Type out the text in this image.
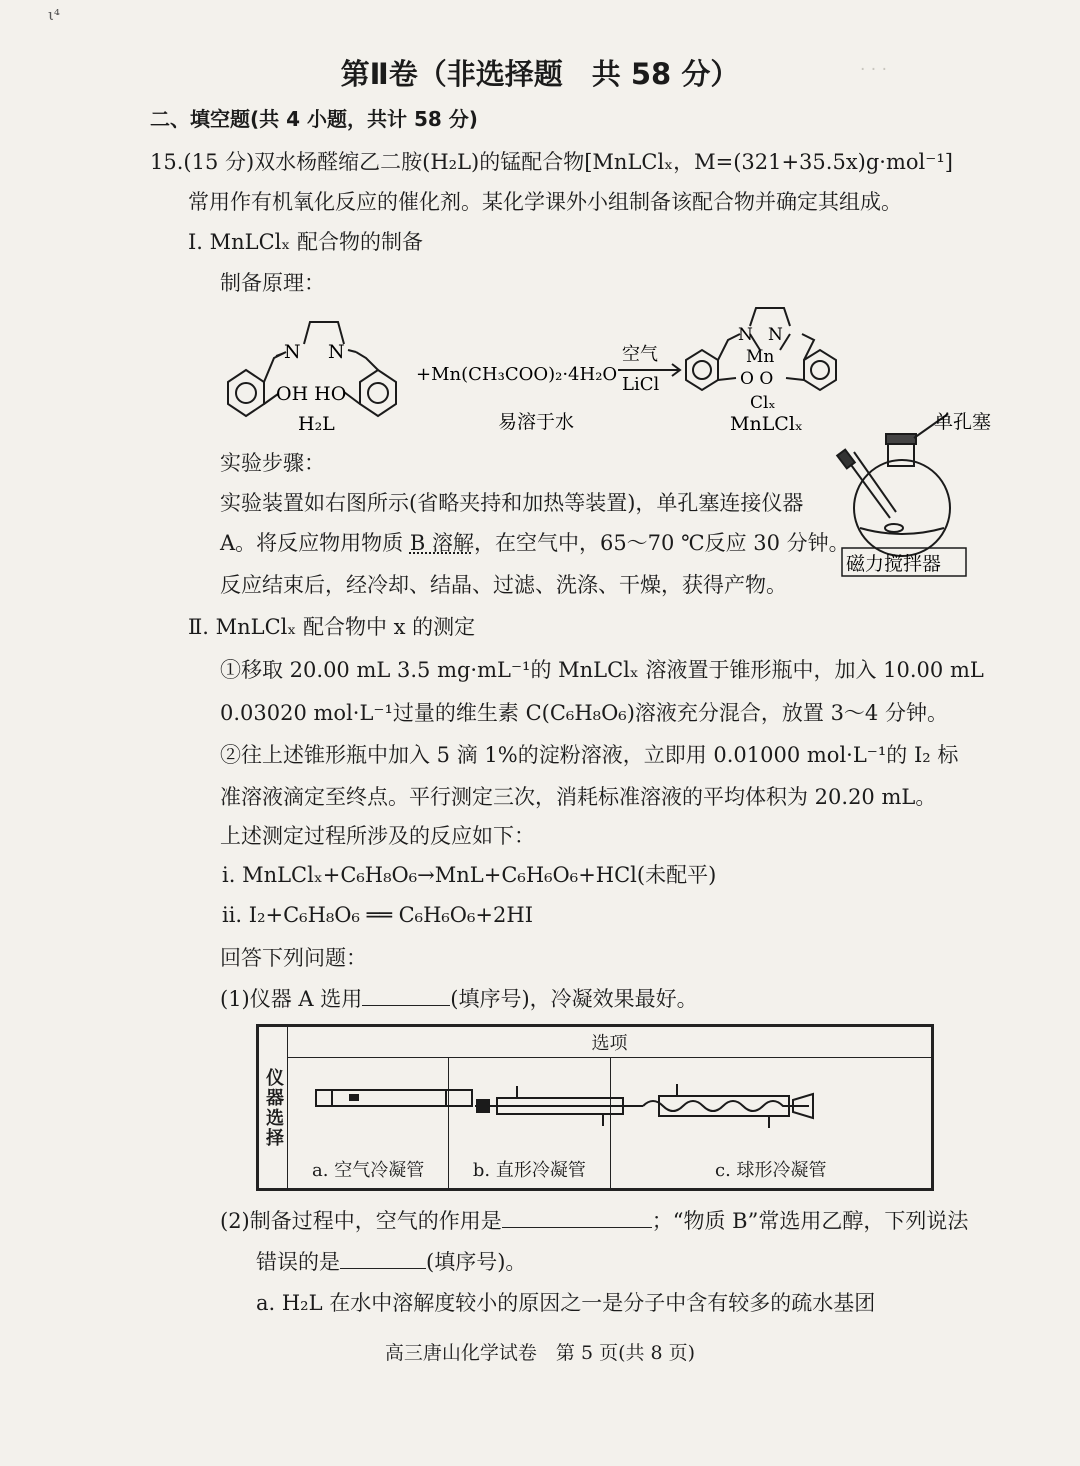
· · ·
ι⁴
第Ⅱ卷（非选择题　共 58 分）
二、填空题(共 4 小题，共计 58 分)
15.(15 分)双水杨醛缩乙二胺(H₂L)的锰配合物[MnLClₓ，M=(321+35.5x)g·mol⁻¹]
常用作有机氧化反应的催化剂。某化学课外小组制备该配合物并确定其组成。
Ⅰ. MnLClₓ 配合物的制备
制备原理：
N N
OH HO
H₂L
+Mn(CH₃COO)₂·4H₂O
易溶于水
空气
LiCl
N N
Mn
O O
Clₓ
MnLClₓ	单孔塞
磁力搅拌器
实验步骤：
实验装置如右图所示(省略夹持和加热等装置)，单孔塞连接仪器
A。将反应物用物质 B 溶解，在空气中，65～70 ℃反应 30 分钟。
反应结束后，经冷却、结晶、过滤、洗涤、干燥，获得产物。
Ⅱ. MnLClₓ 配合物中 x 的测定
①移取 20.00 mL 3.5 mg·mL⁻¹的 MnLClₓ 溶液置于锥形瓶中，加入 10.00 mL
0.03020 mol·L⁻¹过量的维生素 C(C₆H₈O₆)溶液充分混合，放置 3～4 分钟。
②往上述锥形瓶中加入 5 滴 1%的淀粉溶液，立即用 0.01000 mol·L⁻¹的 I₂ 标
准溶液滴定至终点。平行测定三次，消耗标准溶液的平均体积为 20.20 mL。
上述测定过程所涉及的反应如下：
ⅰ. MnLClₓ+C₆H₈O₆→MnL+C₆H₆O₆+HCl(未配平)
ⅱ. I₂+C₆H₈O₆ ══ C₆H₆O₆+2HI
回答下列问题：
(1)仪器 A 选用	(填序号)，冷凝效果最好。
仪器选择	选项		

	a. 空气冷凝管	b. 直形冷凝管	c. 球形冷凝管
(2)制备过程中，空气的作用是	；“物质 B”常选用乙醇，下列说法
错误的是	(填序号)。
a. H₂L 在水中溶解度较小的原因之一是分子中含有较多的疏水基团
高三唐山化学试卷　第 5 页(共 8 页)
